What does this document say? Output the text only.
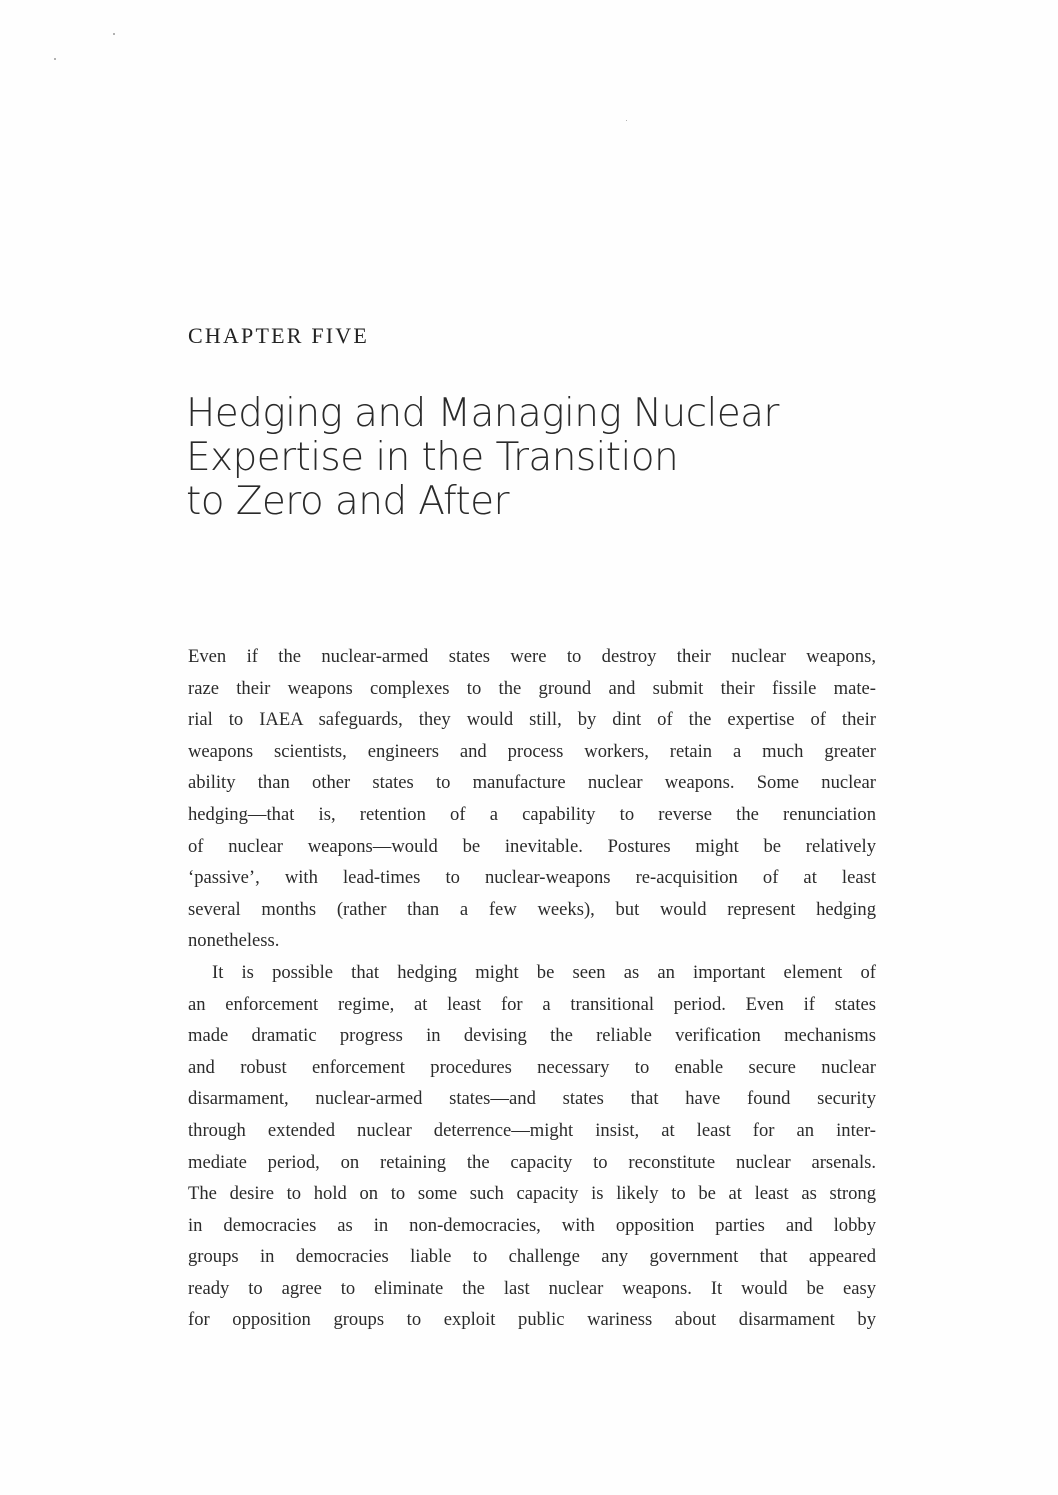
CHAPTER FIVE
Hedging and Managing Nuclear
Expertise in the Transition
to Zero and After

Even if the nuclear-armed states were to destroy their nuclear weapons,
raze their weapons complexes to the ground and submit their fissile mate-
rial to IAEA safeguards, they would still, by dint of the expertise of their
weapons scientists, engineers and process workers, retain a much greater
ability than other states to manufacture nuclear weapons. Some nuclear
hedging—that is, retention of a capability to reverse the renunciation
of nuclear weapons—would be inevitable. Postures might be relatively
‘passive’, with lead-times to nuclear-weapons re-acquisition of at least
several months (rather than a few weeks), but would represent hedging
nonetheless.

It is possible that hedging might be seen as an important element of
an enforcement regime, at least for a transitional period. Even if states
made dramatic progress in devising the reliable verification mechanisms
and robust enforcement procedures necessary to enable secure nuclear
disarmament, nuclear-armed states—and states that have found security
through extended nuclear deterrence—might insist, at least for an inter-
mediate period, on retaining the capacity to reconstitute nuclear arsenals.
The desire to hold on to some such capacity is likely to be at least as strong
in democracies as in non-democracies, with opposition parties and lobby
groups in democracies liable to challenge any government that appeared
ready to agree to eliminate the last nuclear weapons. It would be easy
for opposition groups to exploit public wariness about disarmament by
